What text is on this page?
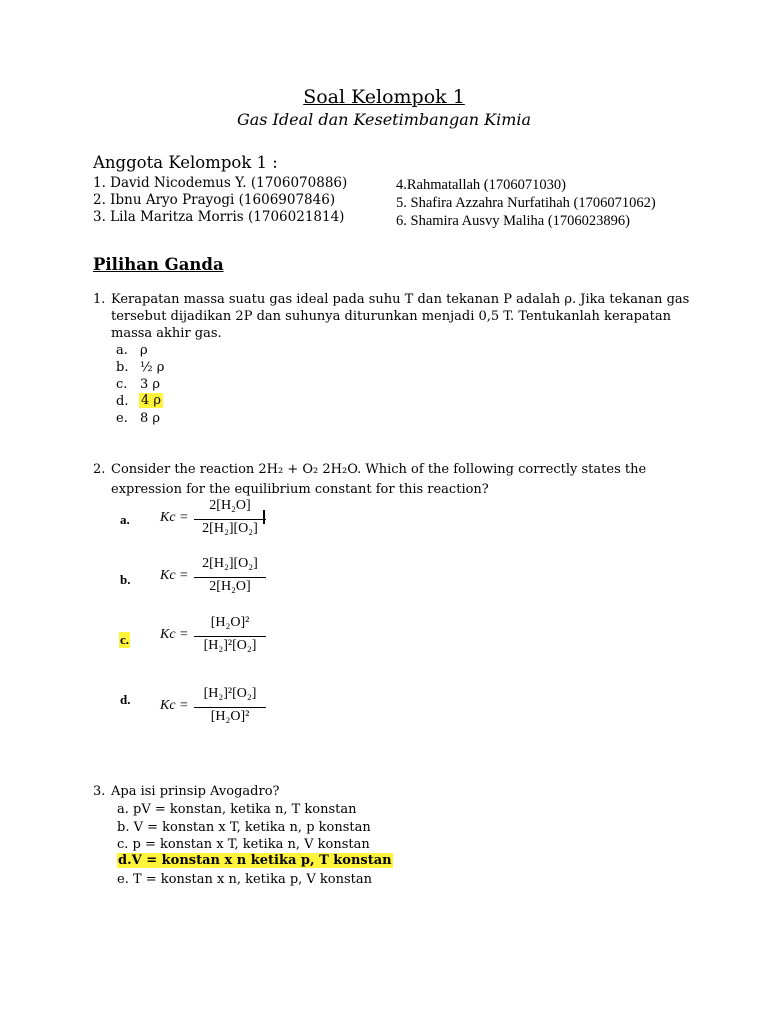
Soal Kelompok 1
Gas Ideal dan Kesetimbangan Kimia
Anggota Kelompok 1 :
1. David Nicodemus Y. (1706070886)
2. Ibnu Aryo Prayogi (1606907846)
3. Lila Maritza Morris (1706021814)
4.Rahmatallah (1706071030)
5. Shafira Azzahra Nurfatihah (1706071062)
6. Shamira Ausvy Maliha (1706023896)
Pilihan Ganda
1. Kerapatan massa suatu gas ideal pada suhu T dan tekanan P adalah ρ. Jika tekanan gas
tersebut dijadikan 2P dan suhunya diturunkan menjadi 0,5 T. Tentukanlah kerapatan
massa akhir gas.
a. ρ
b. ½ ρ
c. 3 ρ
d. 4 ρ
e. 8 ρ
2. Consider the reaction 2H₂ + O₂ 2H₂O. Which of the following correctly states the
expression for the equilibrium constant for this reaction?
a. Kc =
2[H₂O]
2[H₂][O₂]
b. Kc =
2[H₂][O₂]
2[H₂O]
c. Kc =
[H₂O]²
[H₂]²[O₂]
d. Kc =
[H₂]²[O₂]
[H₂O]²
3. Apa isi prinsip Avogadro?
a. pV = konstan, ketika n, T konstan
b. V = konstan x T, ketika n, p konstan
c. p = konstan x T, ketika n, V konstan
d.V = konstan x n ketika p, T konstan
e. T = konstan x n, ketika p, V konstan
